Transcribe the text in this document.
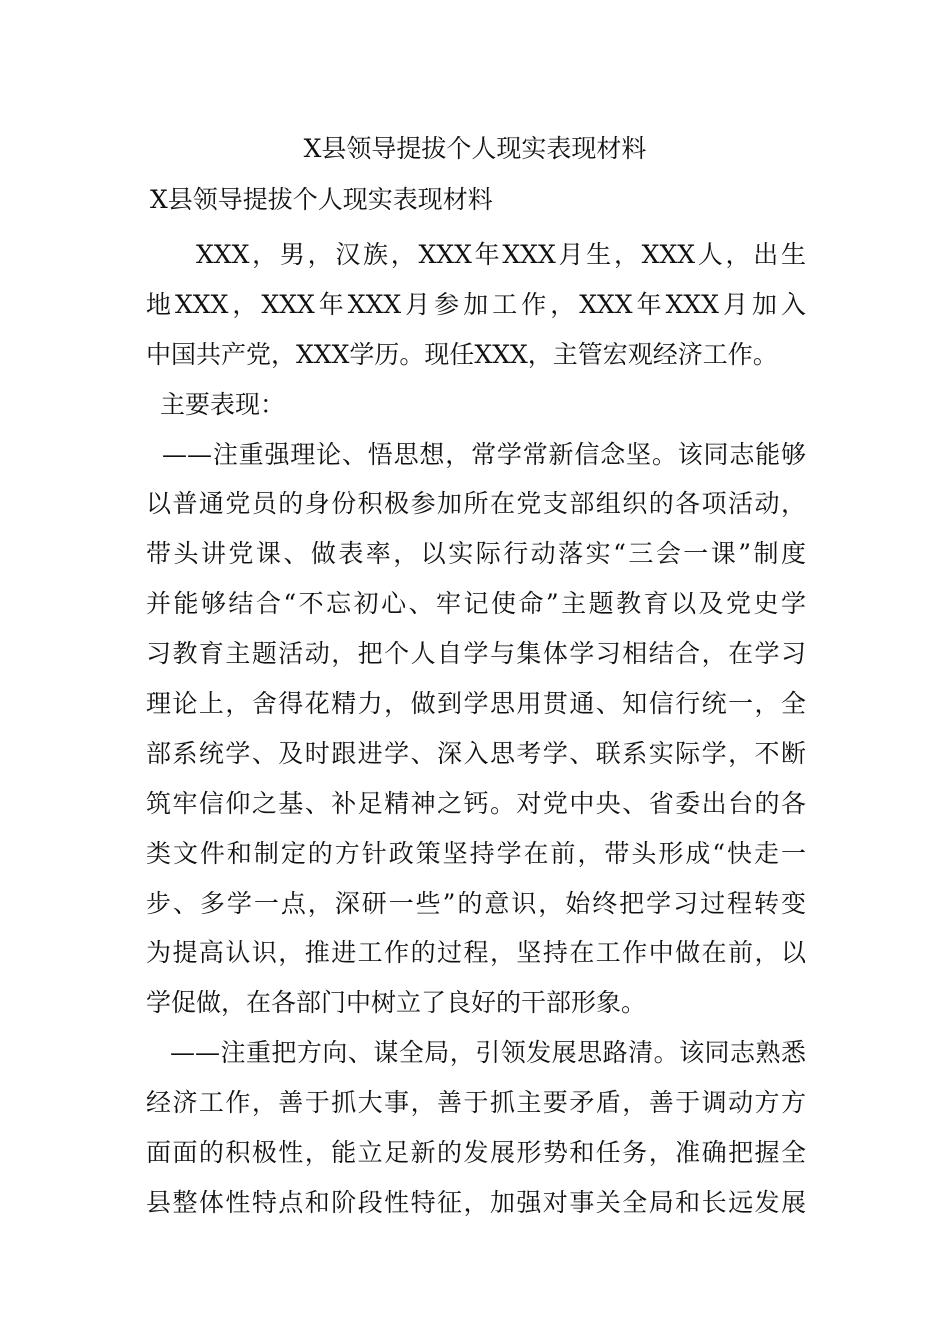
X县领导提拔个人现实表现材料
X县领导提拔个人现实表现材料
XXX，男，汉族，XXX年XXX月生，XXX人，出生
地XXX，XXX年XXX月参加工作，XXX年XXX月加入
中国共产党，XXX学历。现任XXX，主管宏观经济工作。
主要表现：
——注重强理论、悟思想，常学常新信念坚。该同志能够
以普通党员的身份积极参加所在党支部组织的各项活动，
带头讲党课、做表率，以实际行动落实“三会一课”制度
并能够结合“不忘初心、牢记使命”主题教育以及党史学
习教育主题活动，把个人自学与集体学习相结合，在学习
理论上，舍得花精力，做到学思用贯通、知信行统一，全
部系统学、及时跟进学、深入思考学、联系实际学，不断
筑牢信仰之基、补足精神之钙。对党中央、省委出台的各
类文件和制定的方针政策坚持学在前，带头形成“快走一
步、多学一点，深研一些”的意识，始终把学习过程转变
为提高认识，推进工作的过程，坚持在工作中做在前，以
学促做，在各部门中树立了良好的干部形象。
——注重把方向、谋全局，引领发展思路清。该同志熟悉
经济工作，善于抓大事，善于抓主要矛盾，善于调动方方
面面的积极性，能立足新的发展形势和任务，准确把握全
县整体性特点和阶段性特征，加强对事关全局和长远发展
